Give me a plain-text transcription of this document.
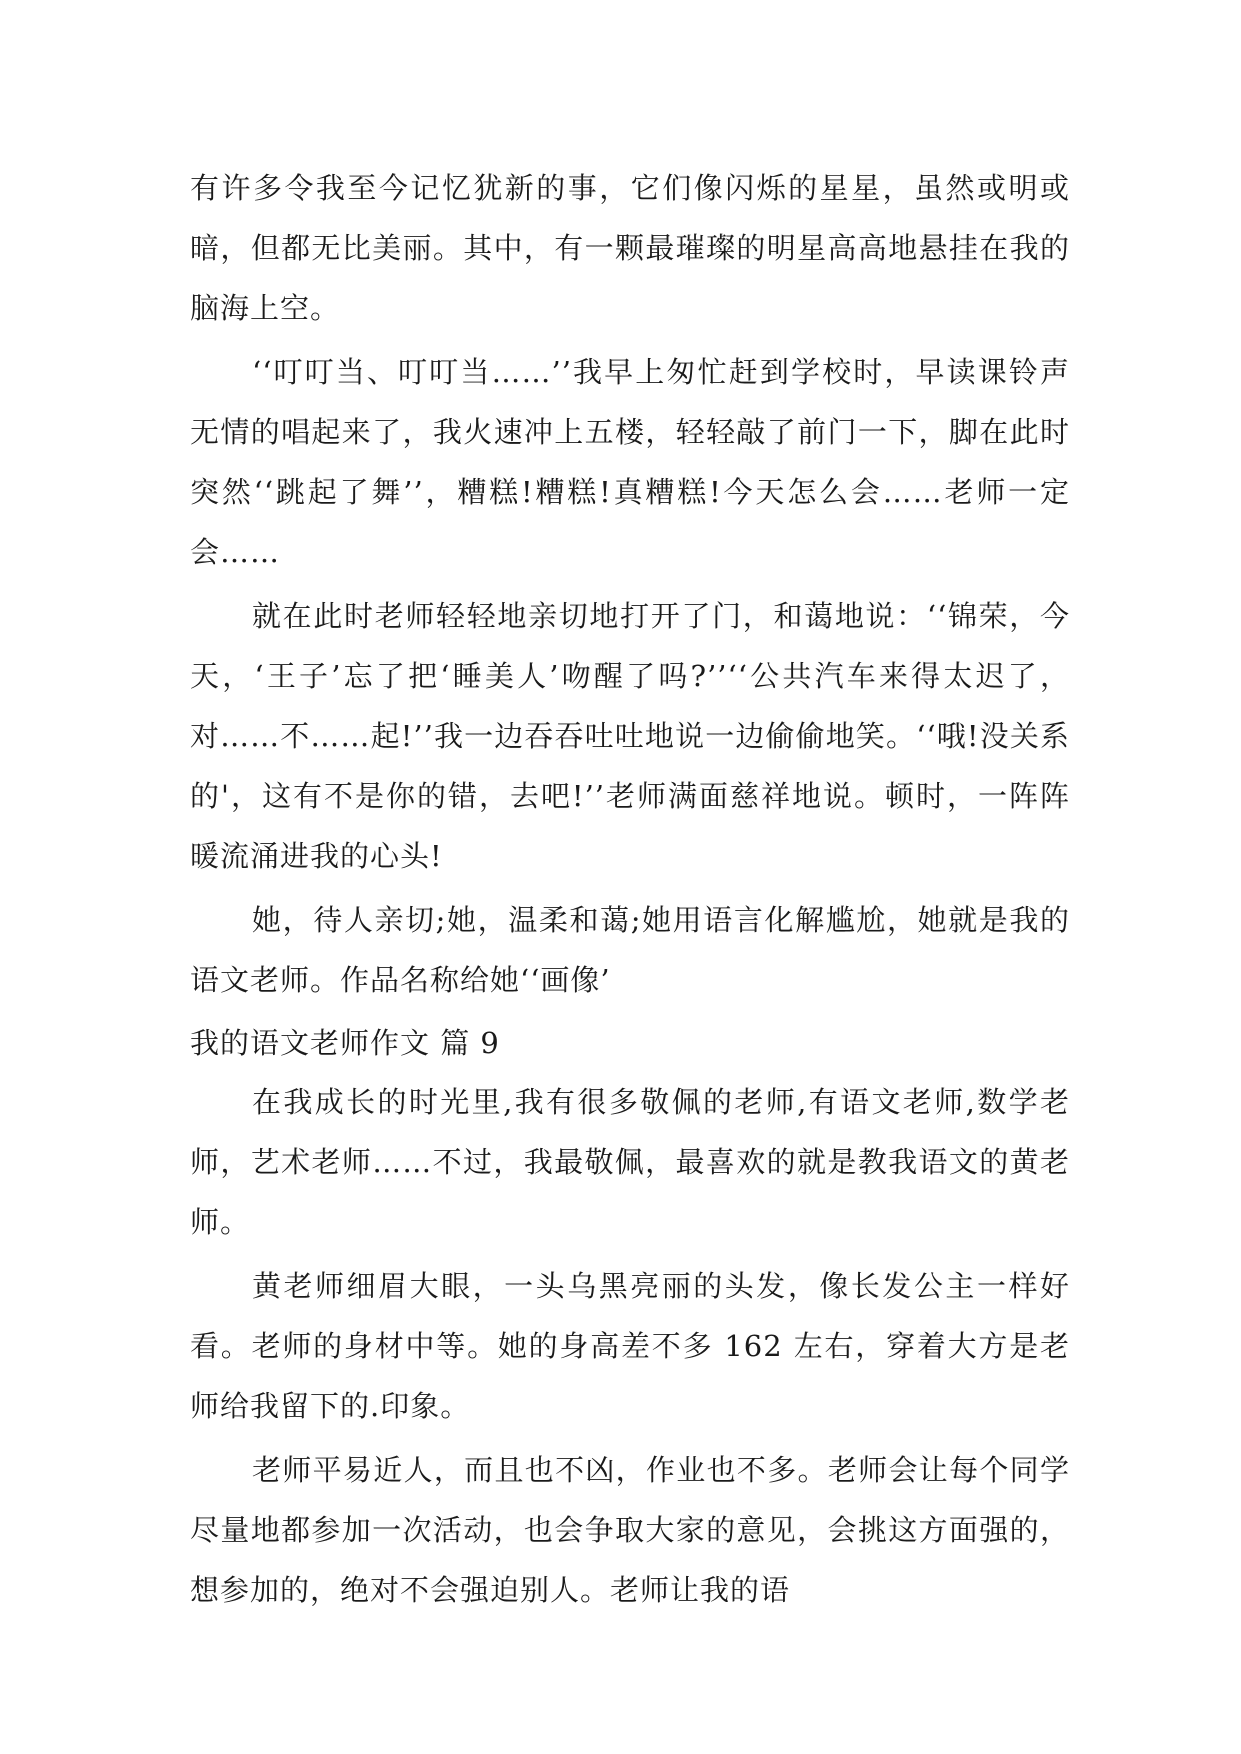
有许多令我至今记忆犹新的事，它们像闪烁的星星，虽然或明或暗，但都无比美丽。其中，有一颗最璀璨的明星高高地悬挂在我的脑海上空。

‘‘叮叮当、叮叮当……’’我早上匆忙赶到学校时，早读课铃声无情的唱起来了，我火速冲上五楼，轻轻敲了前门一下，脚在此时突然‘‘跳起了舞’’，糟糕!糟糕!真糟糕!今天怎么会……老师一定会……

就在此时老师轻轻地亲切地打开了门，和蔼地说：‘‘锦荣，今天，‘王子’忘了把‘睡美人’吻醒了吗?’’‘‘公共汽车来得太迟了，对……不……起!’’我一边吞吞吐吐地说一边偷偷地笑。‘‘哦!没关系的'，这有不是你的错，去吧!’’老师满面慈祥地说。顿时，一阵阵暖流涌进我的心头!

她，待人亲切;她，温柔和蔼;她用语言化解尴尬，她就是我的语文老师。作品名称给她‘‘画像’

我的语文老师作文 篇 9

在我成长的时光里,我有很多敬佩的老师,有语文老师,数学老师，艺术老师……不过，我最敬佩，最喜欢的就是教我语文的黄老师。

黄老师细眉大眼，一头乌黑亮丽的头发，像长发公主一样好看。老师的身材中等。她的身高差不多 162 左右，穿着大方是老师给我留下的.印象。

老师平易近人，而且也不凶，作业也不多。老师会让每个同学尽量地都参加一次活动，也会争取大家的意见，会挑这方面强的，想参加的，绝对不会强迫别人。老师让我的语
